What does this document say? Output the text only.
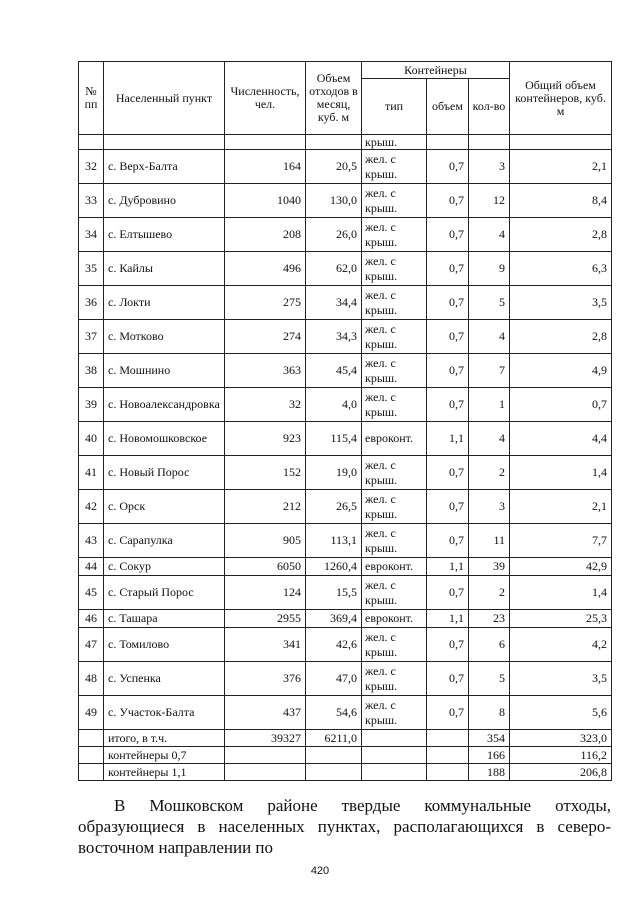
№ пп	Населенный пункт	Численность, чел.	Объем отходов в месяц, куб. м	Контейнеры			Общий объем контейнеров, куб. м
				тип	объем	кол-во	
				крыш.			
32	с. Верх-Балта	164	20,5	жел. с крыш.	0,7	3	2,1
33	с. Дубровино	1040	130,0	жел. с крыш.	0,7	12	8,4
34	с. Елтышево	208	26,0	жел. с крыш.	0,7	4	2,8
35	с. Кайлы	496	62,0	жел. с крыш.	0,7	9	6,3
36	с. Локти	275	34,4	жел. с крыш.	0,7	5	3,5
37	с. Мотково	274	34,3	жел. с крыш.	0,7	4	2,8
38	с. Мошнино	363	45,4	жел. с крыш.	0,7	7	4,9
39	с. Новоалександровка	32	4,0	жел. с крыш.	0,7	1	0,7
40	с. Новомошковское	923	115,4	евроконт.	1,1	4	4,4
41	с. Новый Порос	152	19,0	жел. с крыш.	0,7	2	1,4
42	с. Орск	212	26,5	жел. с крыш.	0,7	3	2,1
43	с. Сарапулка	905	113,1	жел. с крыш.	0,7	11	7,7
44	с. Сокур	6050	1260,4	евроконт.	1,1	39	42,9
45	с. Старый Порос	124	15,5	жел. с крыш.	0,7	2	1,4
46	с. Ташара	2955	369,4	евроконт.	1,1	23	25,3
47	с. Томилово	341	42,6	жел. с крыш.	0,7	6	4,2
48	с. Успенка	376	47,0	жел. с крыш.	0,7	5	3,5
49	с. Участок-Балта	437	54,6	жел. с крыш.	0,7	8	5,6
	итого, в т.ч.	39327	6211,0			354	323,0
	контейнеры 0,7					166	116,2
	контейнеры 1,1					188	206,8

В Мошковском районе твердые коммунальные отходы, образующиеся в населенных пунктах, располагающихся в северо-восточном направлении по

420
